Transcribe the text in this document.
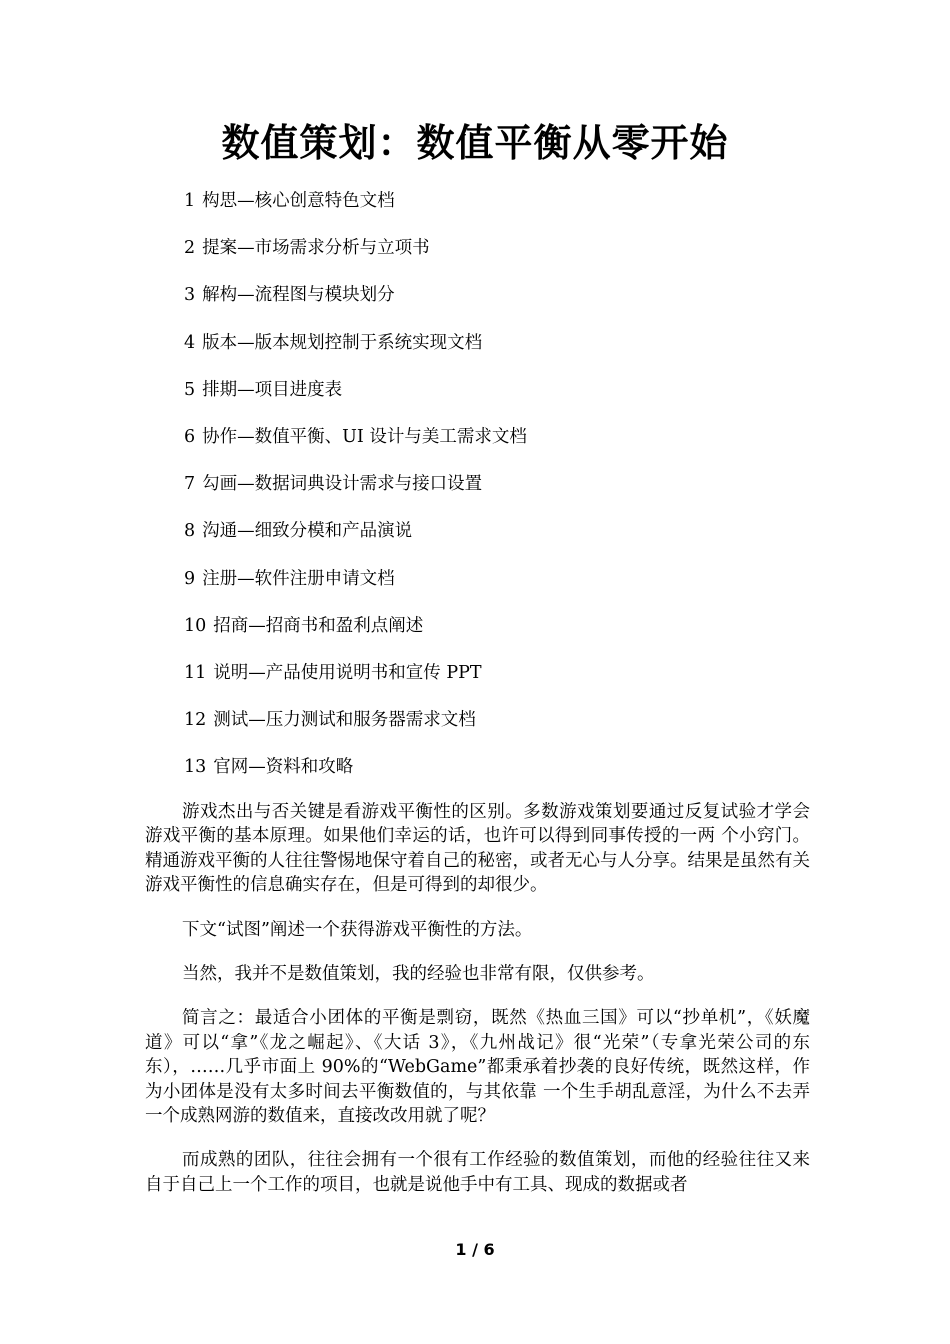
数值策划：数值平衡从零开始
1 构思—核心创意特色文档
2 提案—市场需求分析与立项书
3 解构—流程图与模块划分
4 版本—版本规划控制于系统实现文档
5 排期—项目进度表
6 协作—数值平衡、UI 设计与美工需求文档
7 勾画—数据词典设计需求与接口设置
8 沟通—细致分模和产品演说
9 注册—软件注册申请文档
10 招商—招商书和盈利点阐述
11 说明—产品使用说明书和宣传 PPT
12 测试—压力测试和服务器需求文档
13 官网—资料和攻略

游戏杰出与否关键是看游戏平衡性的区别。多数游戏策划要通过反复试验才学会游戏平衡的基本原理。如果他们幸运的话，也许可以得到同事传授的一两 个小窍门。精通游戏平衡的人往往警惕地保守着自己的秘密，或者无心与人分享。结果是虽然有关游戏平衡性的信息确实存在，但是可得到的却很少。

下文“试图”阐述一个获得游戏平衡性的方法。

当然，我并不是数值策划，我的经验也非常有限，仅供参考。

简言之：最适合小团体的平衡是剽窃，既然《热血三国》可以“抄单机”，《妖魔道》可以“拿”《龙之崛起》、《大话 3》，《九州战记》很“光荣”（专拿光荣公司的东东），……几乎市面上 90%的“WebGame”都秉承着抄袭的良好传统，既然这样，作为小团体是没有太多时间去平衡数值的，与其依靠 一个生手胡乱意淫，为什么不去弄一个成熟网游的数值来，直接改改用就了呢？

而成熟的团队，往往会拥有一个很有工作经验的数值策划，而他的经验往往又来自于自己上一个工作的项目，也就是说他手中有工具、现成的数据或者

1 / 6
